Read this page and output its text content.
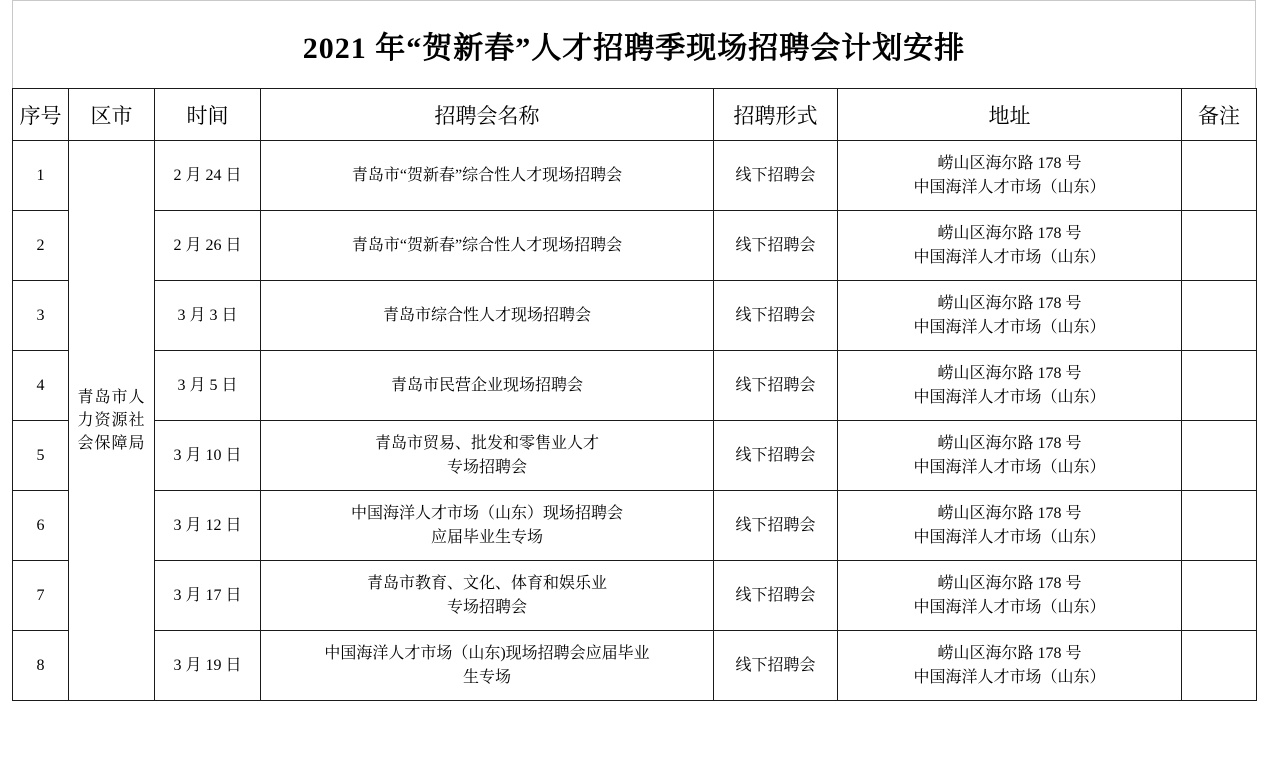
2021 年“贺新春”人才招聘季现场招聘会计划安排
序号	区市	时间	招聘会名称	招聘形式	地址	备注
1	青岛市人力资源社会保障局	2 月 24 日	青岛市“贺新春”综合性人才现场招聘会	线下招聘会	崂山区海尔路 178 号
中国海洋人才市场（山东）	

2		2 月 26 日	青岛市“贺新春”综合性人才现场招聘会	线下招聘会	崂山区海尔路 178 号
中国海洋人才市场（山东）	

3		3 月 3 日	青岛市综合性人才现场招聘会	线下招聘会	崂山区海尔路 178 号
中国海洋人才市场（山东）	

4		3 月 5 日	青岛市民营企业现场招聘会	线下招聘会	崂山区海尔路 178 号
中国海洋人才市场（山东）	

5		3 月 10 日	青岛市贸易、批发和零售业人才
专场招聘会	线下招聘会	崂山区海尔路 178 号
中国海洋人才市场（山东）	

6		3 月 12 日	中国海洋人才市场（山东）现场招聘会
应届毕业生专场	线下招聘会	崂山区海尔路 178 号
中国海洋人才市场（山东）	

7		3 月 17 日	青岛市教育、文化、体育和娱乐业
专场招聘会	线下招聘会	崂山区海尔路 178 号
中国海洋人才市场（山东）	

8		3 月 19 日	中国海洋人才市场（山东)现场招聘会应届毕业
生专场	线下招聘会	崂山区海尔路 178 号
中国海洋人才市场（山东）	
